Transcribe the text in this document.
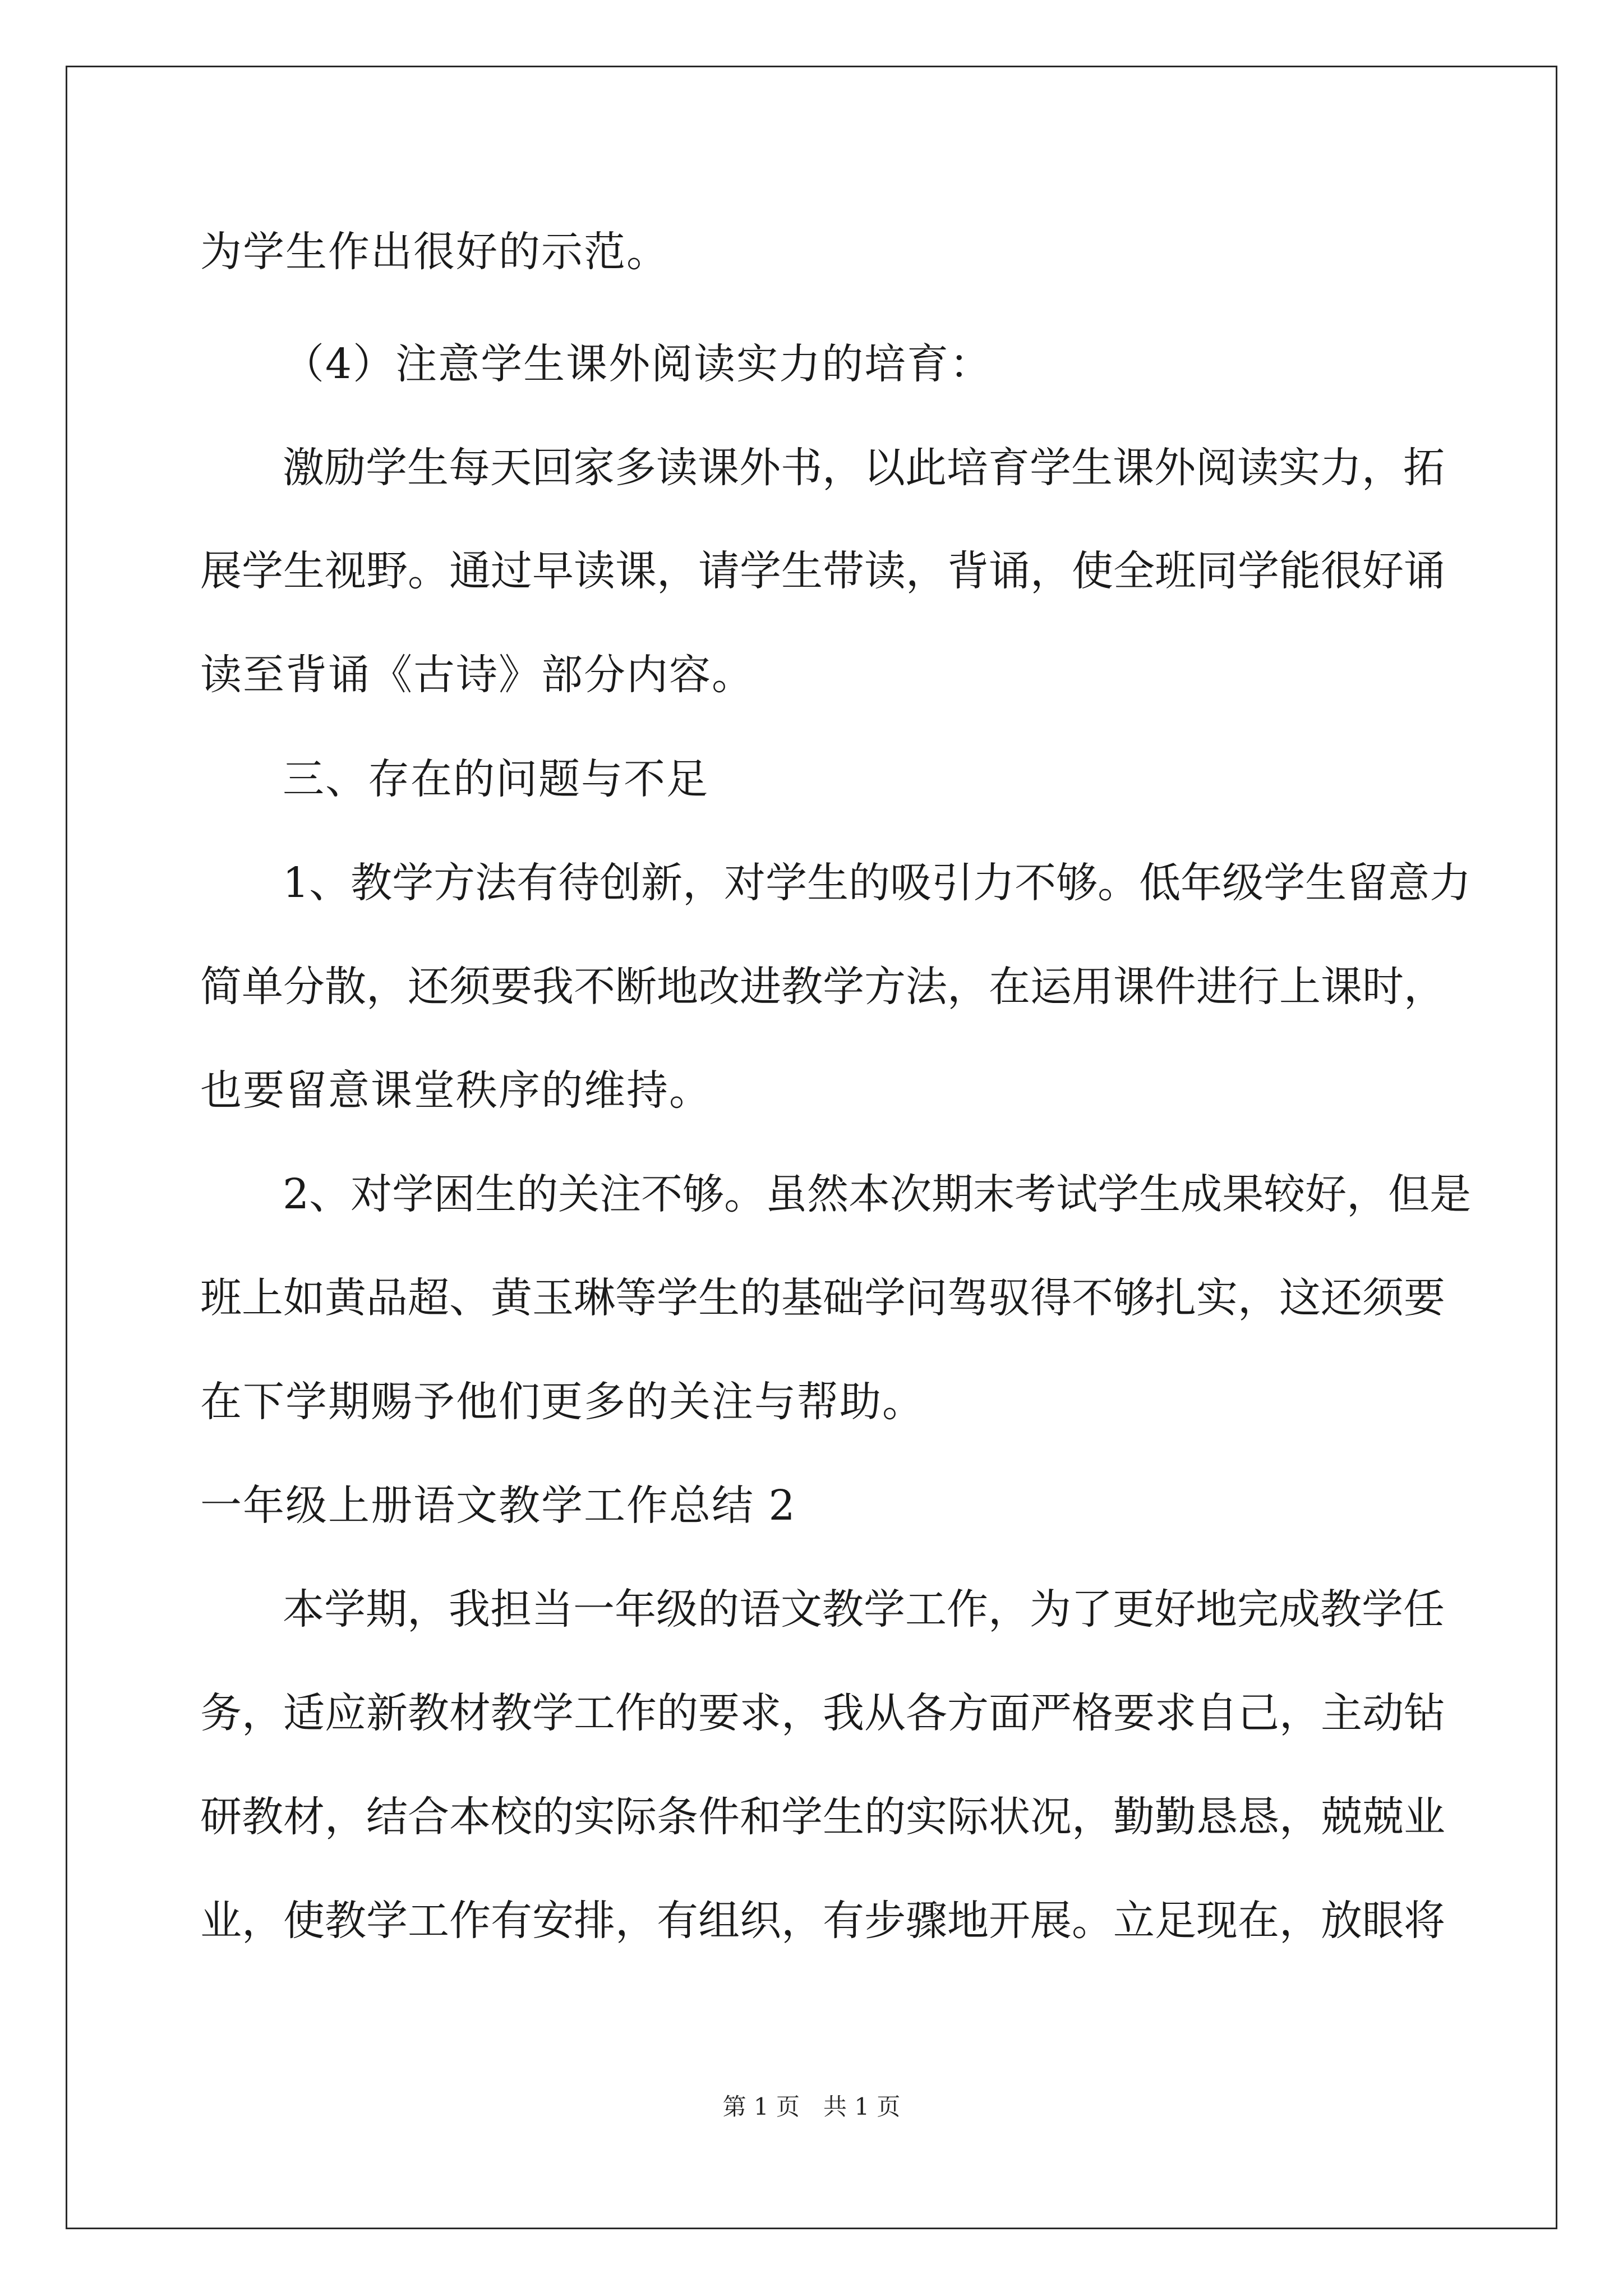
为学生作出很好的示范。
（4）注意学生课外阅读实力的培育：
激励学生每天回家多读课外书，以此培育学生课外阅读实力，拓
展学生视野。通过早读课，请学生带读，背诵，使全班同学能很好诵
读至背诵《古诗》部分内容。
三、存在的问题与不足
1、教学方法有待创新，对学生的吸引力不够。低年级学生留意力
简单分散，还须要我不断地改进教学方法，在运用课件进行上课时，
也要留意课堂秩序的维持。
2、对学困生的关注不够。虽然本次期末考试学生成果较好，但是
班上如黄品超、黄玉琳等学生的基础学问驾驭得不够扎实，这还须要
在下学期赐予他们更多的关注与帮助。
一年级上册语文教学工作总结 2
本学期，我担当一年级的语文教学工作，为了更好地完成教学任
务，适应新教材教学工作的要求，我从各方面严格要求自己，主动钻
研教材，结合本校的实际条件和学生的实际状况，勤勤恳恳，兢兢业
业，使教学工作有安排，有组织，有步骤地开展。立足现在，放眼将
第 1 页　共 1 页
